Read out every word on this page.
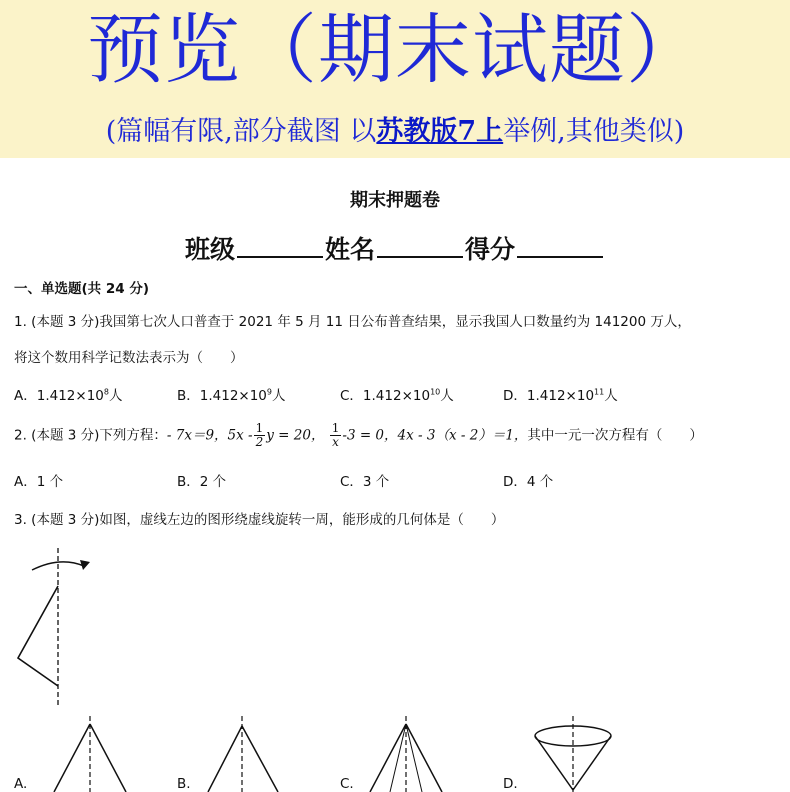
预览（期末试题）
(篇幅有限,部分截图 以苏教版7上举例,其他类似)
期末押题卷
班级	姓名	得分
一、单选题(共 24 分)
1. (本题 3 分)我国第七次人口普查于 2021 年 5 月 11 日公布普查结果，显示我国人口数量约为 141200 万人，
将这个数用科学记数法表示为（　　）
A．$1.412\times 10^8$人	B．$1.412\times 10^9$人	C．$1.412\times 10^{10}$人	D．$1.412\times 10^{11}$人
2. (本题 3 分)下列方程：- 7x＝9，$5x - \frac{1}{2}$ y = 20， $\frac{1}{x} -3 = 0$，4x - 3（x - 2）＝1，其中一元一次方程有（　　）
A．1 个	B．2 个	C．3 个	D．4 个
3. (本题 3 分)如图，虚线左边的图形绕虚线旋转一周，能形成的几何体是（　　）
A.	B.	C.	D.
